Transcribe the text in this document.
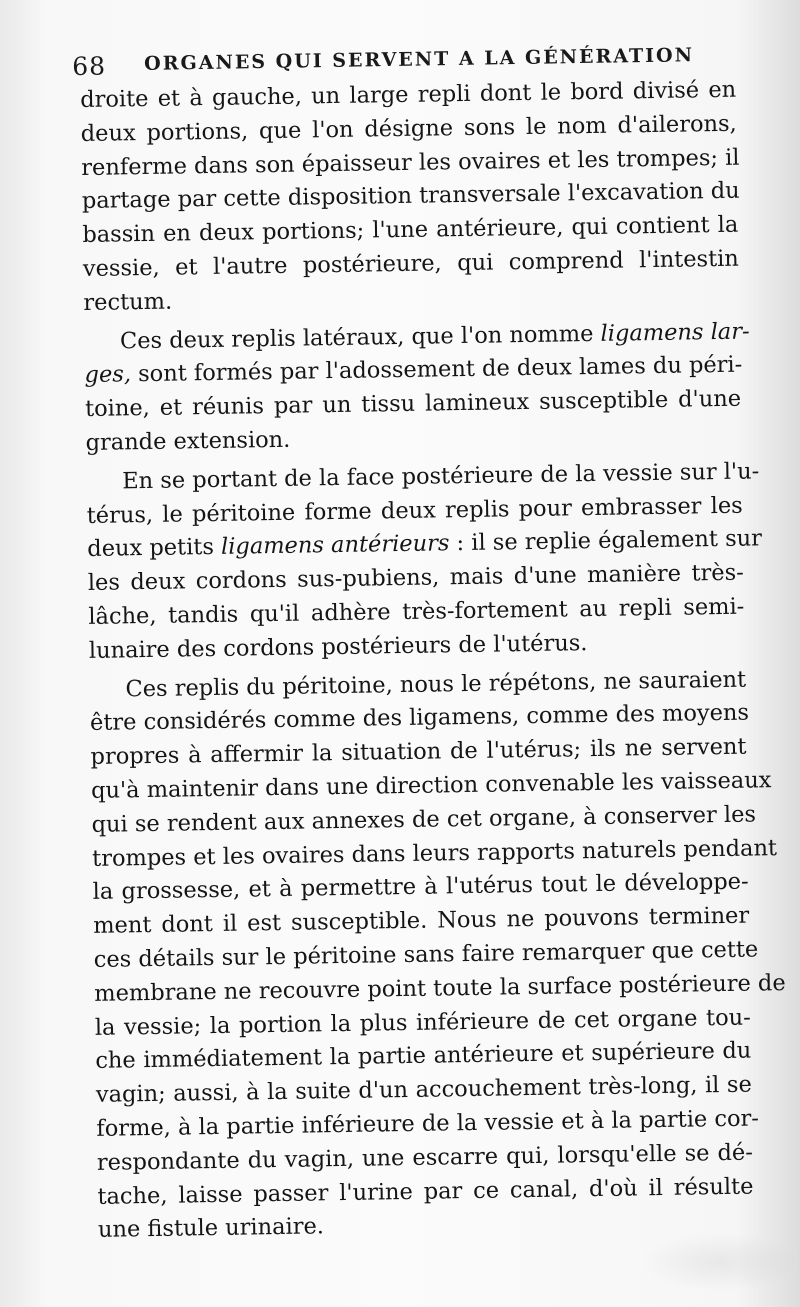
68 ORGANES QUI SERVENT A LA GÉNÉRATION
droite et à gauche, un large repli dont le bord divisé en
deux portions, que l'on désigne sons le nom d'ailerons,
renferme dans son épaisseur les ovaires et les trompes; il
partage par cette disposition transversale l'excavation du
bassin en deux portions; l'une antérieure, qui contient la
vessie, et l'autre postérieure, qui comprend l'intestin
rectum.
Ces deux replis latéraux, que l'on nomme ligamens lar-
ges, sont formés par l'adossement de deux lames du péri-
toine, et réunis par un tissu lamineux susceptible d'une
grande extension.
En se portant de la face postérieure de la vessie sur l'u-
térus, le péritoine forme deux replis pour embrasser les
deux petits ligamens antérieurs : il se replie également sur
les deux cordons sus-pubiens, mais d'une manière très-
lâche, tandis qu'il adhère très-fortement au repli semi-
lunaire des cordons postérieurs de l'utérus.
Ces replis du péritoine, nous le répétons, ne sauraient
être considérés comme des ligamens, comme des moyens
propres à affermir la situation de l'utérus; ils ne servent
qu'à maintenir dans une direction convenable les vaisseaux
qui se rendent aux annexes de cet organe, à conserver les
trompes et les ovaires dans leurs rapports naturels pendant
la grossesse, et à permettre à l'utérus tout le développe-
ment dont il est susceptible. Nous ne pouvons terminer
ces détails sur le péritoine sans faire remarquer que cette
membrane ne recouvre point toute la surface postérieure de
la vessie; la portion la plus inférieure de cet organe tou-
che immédiatement la partie antérieure et supérieure du
vagin; aussi, à la suite d'un accouchement très-long, il se
forme, à la partie inférieure de la vessie et à la partie cor-
respondante du vagin, une escarre qui, lorsqu'elle se dé-
tache, laisse passer l'urine par ce canal, d'où il résulte
une fistule urinaire.
